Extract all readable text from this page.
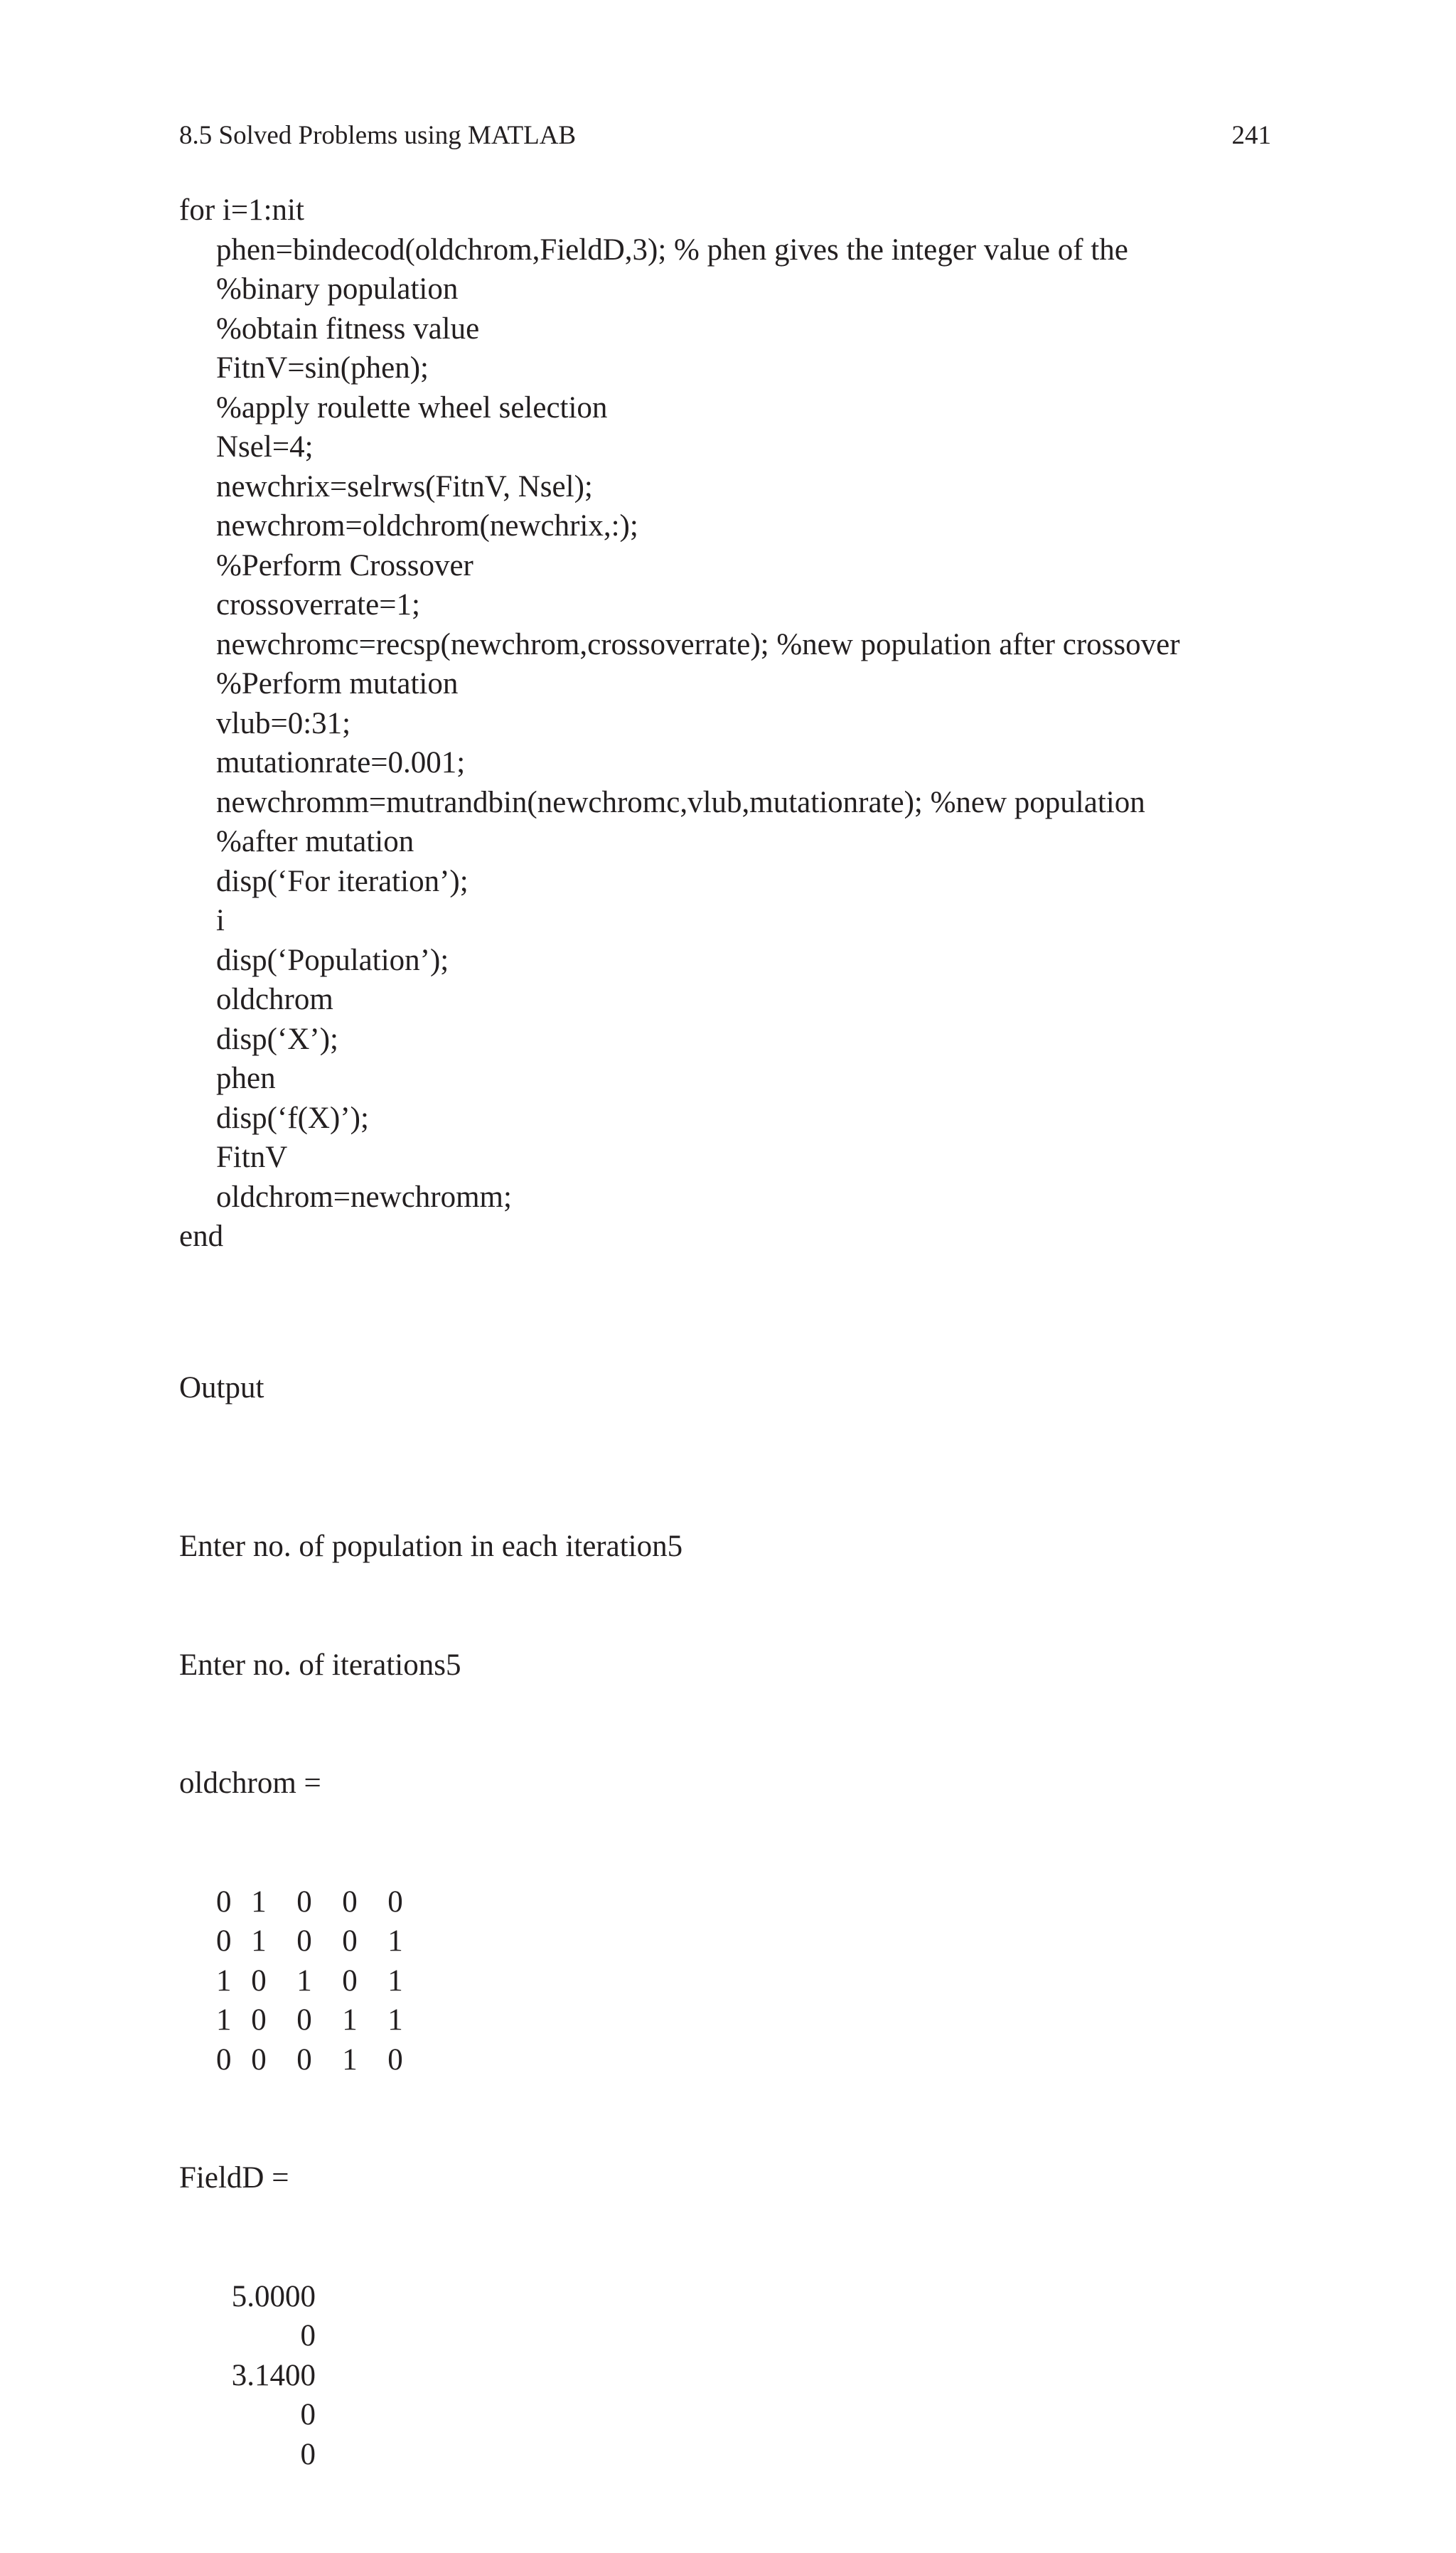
8.5 Solved Problems using MATLAB	241
for i=1:nit
phen=bindecod(oldchrom,FieldD,3); % phen gives the integer value of the
%binary population
%obtain fitness value
FitnV=sin(phen);
%apply roulette wheel selection
Nsel=4;
newchrix=selrws(FitnV, Nsel);
newchrom=oldchrom(newchrix,:);
%Perform Crossover
crossoverrate=1;
newchromc=recsp(newchrom,crossoverrate); %new population after crossover
%Perform mutation
vlub=0:31;
mutationrate=0.001;
newchromm=mutrandbin(newchromc,vlub,mutationrate); %new population
%after mutation
disp(‘For iteration’);
i
disp(‘Population’);
oldchrom
disp(‘X’);
phen
disp(‘f(X)’);
FitnV
oldchrom=newchromm;
end
Output

Enter no. of population in each iteration5

Enter no. of iterations5

oldchrom =

0 1 0 0 0
0 1 0 0 1
1 0 1 0 1
1 0 0 1 1
0 0 0 1 0

FieldD =

5.0000
0
3.1400
0
0
